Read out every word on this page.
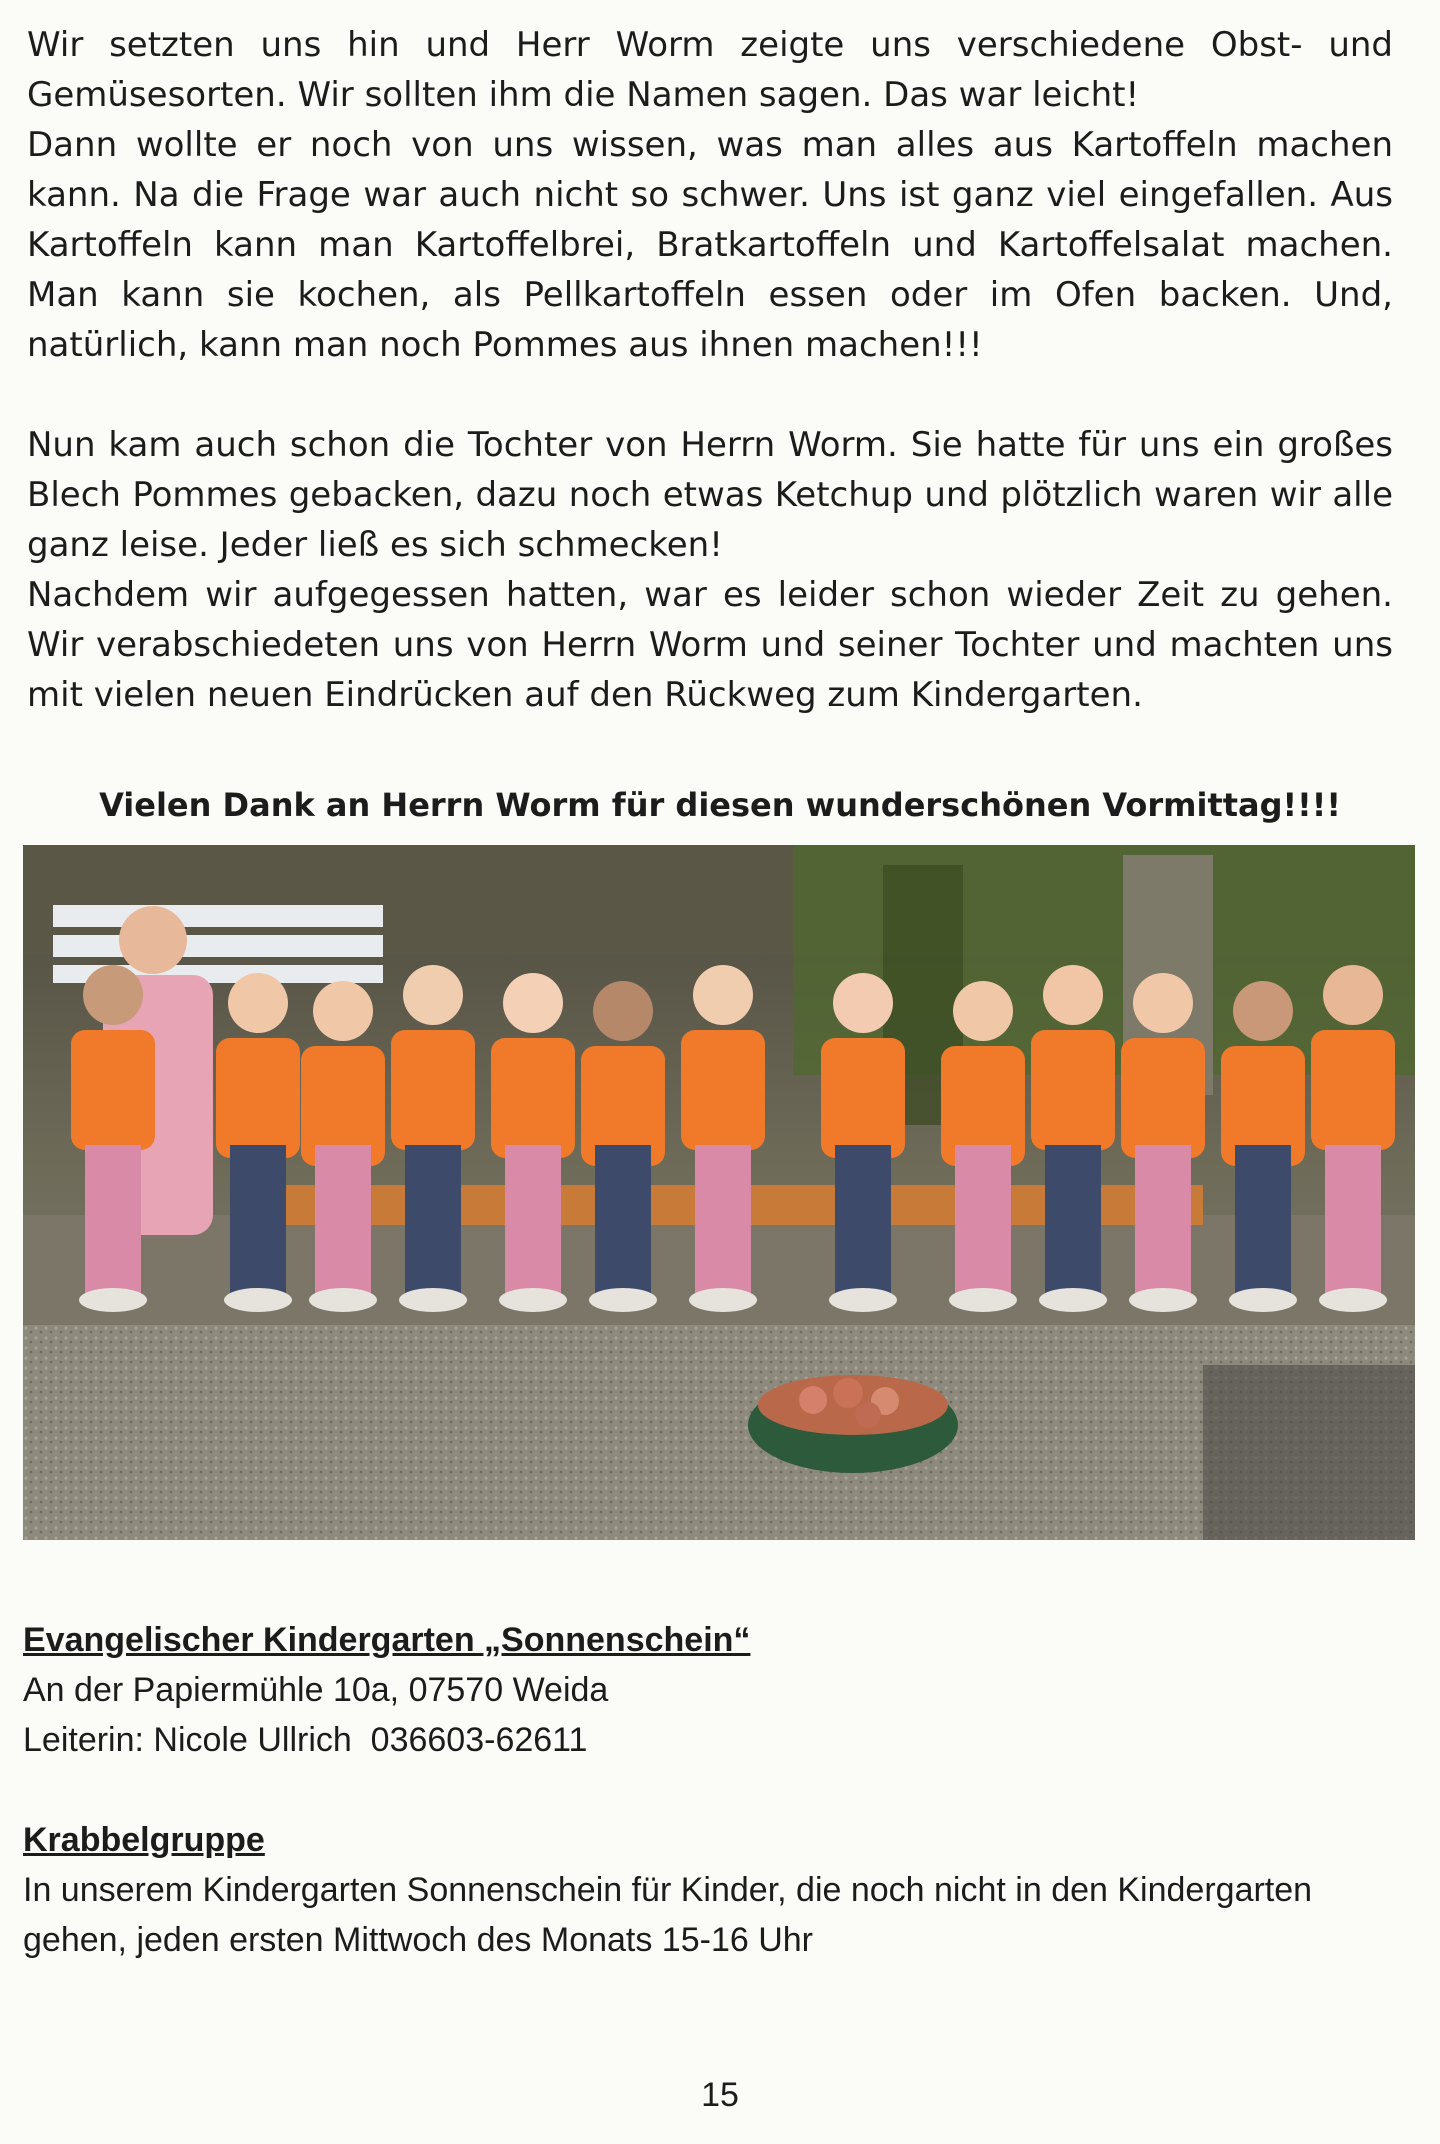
Wir setzten uns hin und Herr Worm zeigte uns verschiedene Obst- und Gemüsesorten. Wir sollten ihm die Namen sagen. Das war leicht!

Dann wollte er noch von uns wissen, was man alles aus Kartoffeln machen kann. Na die Frage war auch nicht so schwer. Uns ist ganz viel eingefallen. Aus Kartoffeln kann man Kartoffelbrei, Bratkartoffeln und Kartoffelsalat machen. Man kann sie kochen, als Pellkartoffeln essen oder im Ofen backen. Und, natürlich, kann man noch Pommes aus ihnen machen!!!

Nun kam auch schon die Tochter von Herrn Worm. Sie hatte für uns ein großes Blech Pommes gebacken, dazu noch etwas Ketchup und plötzlich waren wir alle ganz leise. Jeder ließ es sich schmecken!

Nachdem wir aufgegessen hatten, war es leider schon wieder Zeit zu gehen. Wir verabschiedeten uns von Herrn Worm und seiner Tochter und machten uns mit vielen neuen Eindrücken auf den Rückweg zum Kindergarten.

Vielen Dank an Herrn Worm für diesen wunderschönen Vormittag!!!!

Evangelischer Kindergarten „Sonnenschein“

An der Papiermühle 10a, 07570 Weida

Leiterin: Nicole Ullrich  036603-62611

Krabbelgruppe

In unserem Kindergarten Sonnenschein für Kinder, die noch nicht in den Kindergarten gehen, jeden ersten Mittwoch des Monats 15-16 Uhr

15
